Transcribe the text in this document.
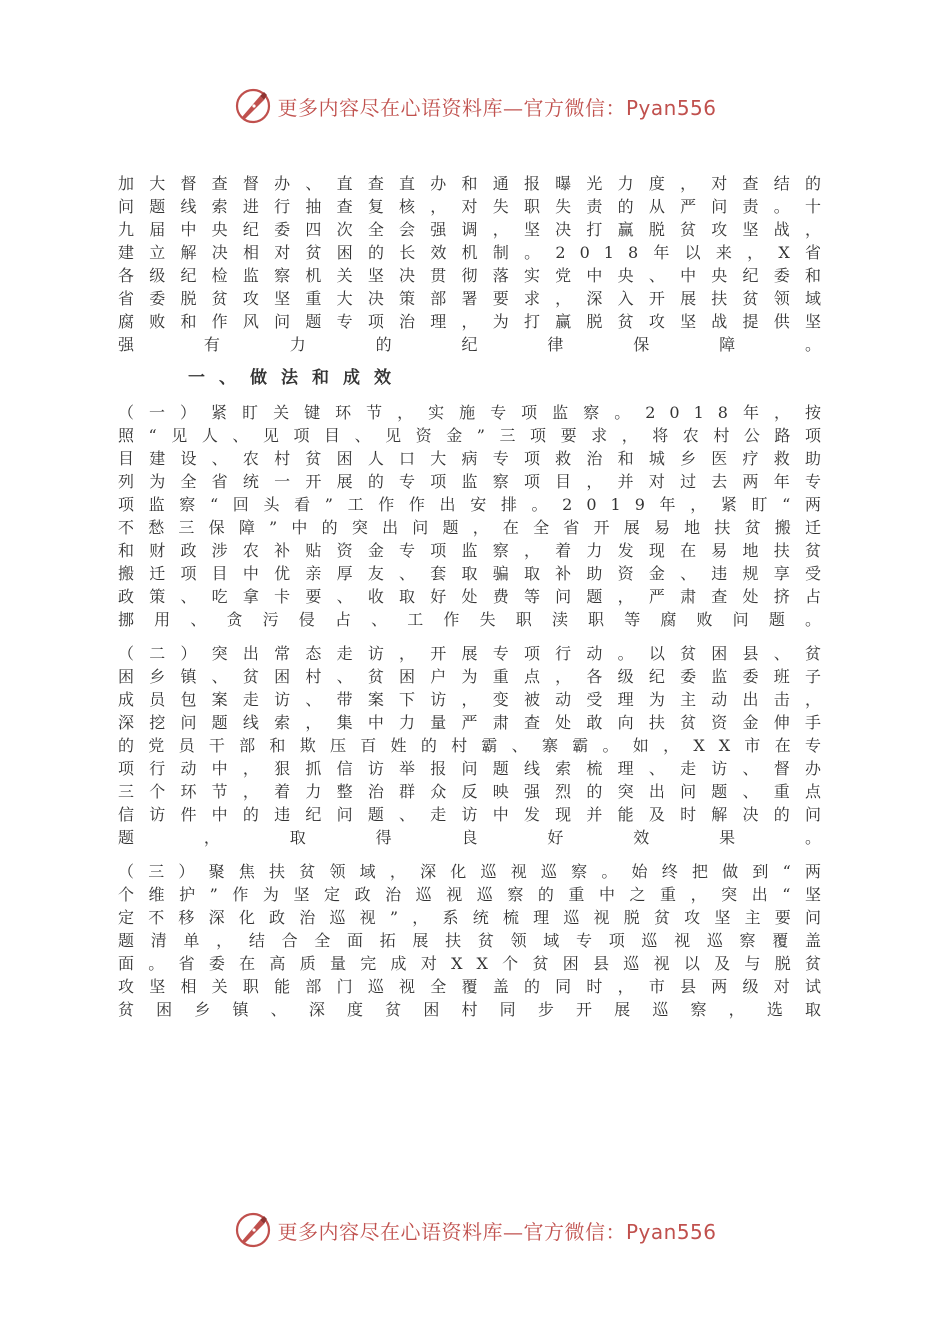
更多内容尽在心语资料库—官方微信：Pyan556

加大督查督办、直查直办和通报曝光力度，对查结的问题线索进行抽查复核，对失职失责的从严问责。十九届中央纪委四次全会强调，坚决打赢脱贫攻坚战，建立解决相对贫困的长效机制。2018年以来，X省各级纪检监察机关坚决贯彻落实党中央、中央纪委和省委脱贫攻坚重大决策部署要求，深入开展扶贫领域腐败和作风问题专项治理，为打赢脱贫攻坚战提供坚强有力的纪律保障。

一、做法和成效

（一）紧盯关键环节，实施专项监察。2018年，按照“见人、见项目、见资金”三项要求，将农村公路项目建设、农村贫困人口大病专项救治和城乡医疗救助列为全省统一开展的专项监察项目，并对过去两年专项监察“回头看”工作作出安排。2019年，紧盯“两不愁三保障”中的突出问题，在全省开展易地扶贫搬迁和财政涉农补贴资金专项监察，着力发现在易地扶贫搬迁项目中优亲厚友、套取骗取补助资金、违规享受政策、吃拿卡要、收取好处费等问题，严肃查处挤占挪用、贪污侵占、工作失职渎职等腐败问题。

（二）突出常态走访，开展专项行动。以贫困县、贫困乡镇、贫困村、贫困户为重点，各级纪委监委班子成员包案走访、带案下访，变被动受理为主动出击，深挖问题线索，集中力量严肃查处敢向扶贫资金伸手的党员干部和欺压百姓的村霸、寨霸。如，XX市在专项行动中，狠抓信访举报问题线索梳理、走访、督办三个环节，着力整治群众反映强烈的突出问题、重点信访件中的违纪问题、走访中发现并能及时解决的问题，取得良好效果。

（三）聚焦扶贫领域，深化巡视巡察。始终把做到“两个维护”作为坚定政治巡视巡察的重中之重，突出“坚定不移深化政治巡视”，系统梳理巡视脱贫攻坚主要问题清单，结合全面拓展扶贫领域专项巡视巡察覆盖面。省委在高质量完成对XX个贫困县巡视以及与脱贫攻坚相关职能部门巡视全覆盖的同时，市县两级对试贫困乡镇、深度贫困村同步开展巡察，选取

更多内容尽在心语资料库—官方微信：Pyan556
